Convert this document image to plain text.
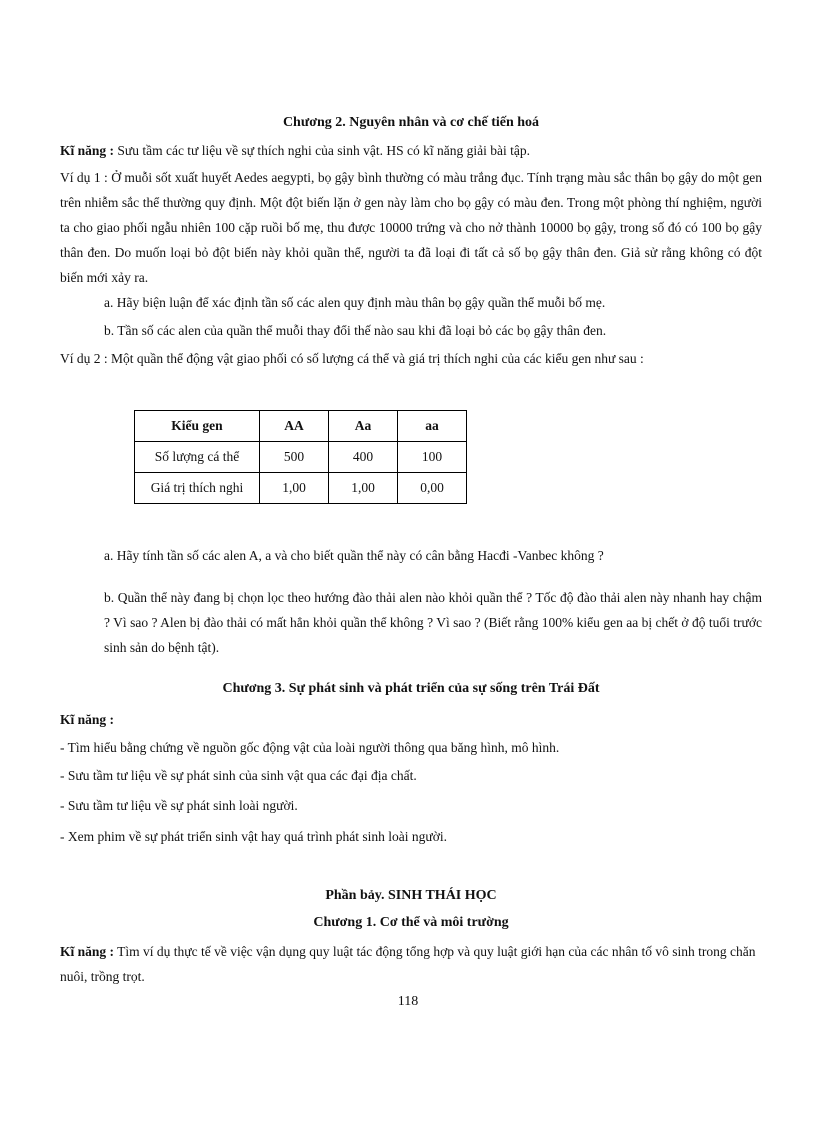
Chương 2. Nguyên nhân và cơ chế tiến hoá
Kĩ năng : Sưu tầm các tư liệu về sự thích nghi của sinh vật. HS có kĩ năng giải bài tập.
Ví dụ 1 : Ở muỗi sốt xuất huyết Aedes aegypti, bọ gậy bình thường có màu trắng đục. Tính trạng màu sắc thân bọ gậy do một gen trên nhiễm sắc thể thường quy định. Một đột biến lặn ở gen này làm cho bọ gậy có màu đen. Trong một phòng thí nghiệm, người ta cho giao phối ngẫu nhiên 100 cặp ruồi bố mẹ, thu được 10000 trứng và cho nở thành 10000 bọ gậy, trong số đó có 100 bọ gậy thân đen. Do muốn loại bỏ đột biến này khỏi quần thể, người ta đã loại đi tất cả số bọ gậy thân đen. Giả sử rằng không có đột biến mới xảy ra.
a. Hãy biện luận để xác định tần số các alen quy định màu thân bọ gậy quần thể muỗi bố mẹ.
b. Tần số các alen của quần thể muỗi thay đổi thế nào sau khi đã loại bỏ các bọ gậy thân đen.
Ví dụ 2 : Một quần thể động vật giao phối có số lượng cá thể và giá trị thích nghi của các kiểu gen như sau :
Kiểu gen	AA	Aa	aa
Số lượng cá thể	500	400	100
Giá trị thích nghi	1,00	1,00	0,00
a. Hãy tính tần số các alen A, a và cho biết quần thể này có cân bằng Hacđi -Vanbec không ?
b. Quần thể này đang bị chọn lọc theo hướng đào thải alen nào khỏi quần thể ? Tốc độ đào thải alen này nhanh hay chậm ? Vì sao ? Alen bị đào thải có mất hẳn khỏi quần thể không ? Vì sao ? (Biết rằng 100% kiểu gen aa bị chết ở độ tuổi trước sinh sản do bệnh tật).
Chương 3. Sự phát sinh và phát triển của sự sống trên Trái Đất
Kĩ năng :
- Tìm hiểu bằng chứng về nguồn gốc động vật của loài người thông qua băng hình, mô hình.
- Sưu tầm tư liệu về sự phát sinh của sinh vật qua các đại địa chất.
- Sưu tầm tư liệu về sự phát sinh loài người.
- Xem phim về sự phát triển sinh vật hay quá trình phát sinh loài người.
Phần bảy. SINH THÁI HỌC
Chương 1. Cơ thể và môi trường
Kĩ năng : Tìm ví dụ thực tế về việc vận dụng quy luật tác động tổng hợp và quy luật giới hạn của các nhân tố vô sinh trong chăn nuôi, trồng trọt.
118
